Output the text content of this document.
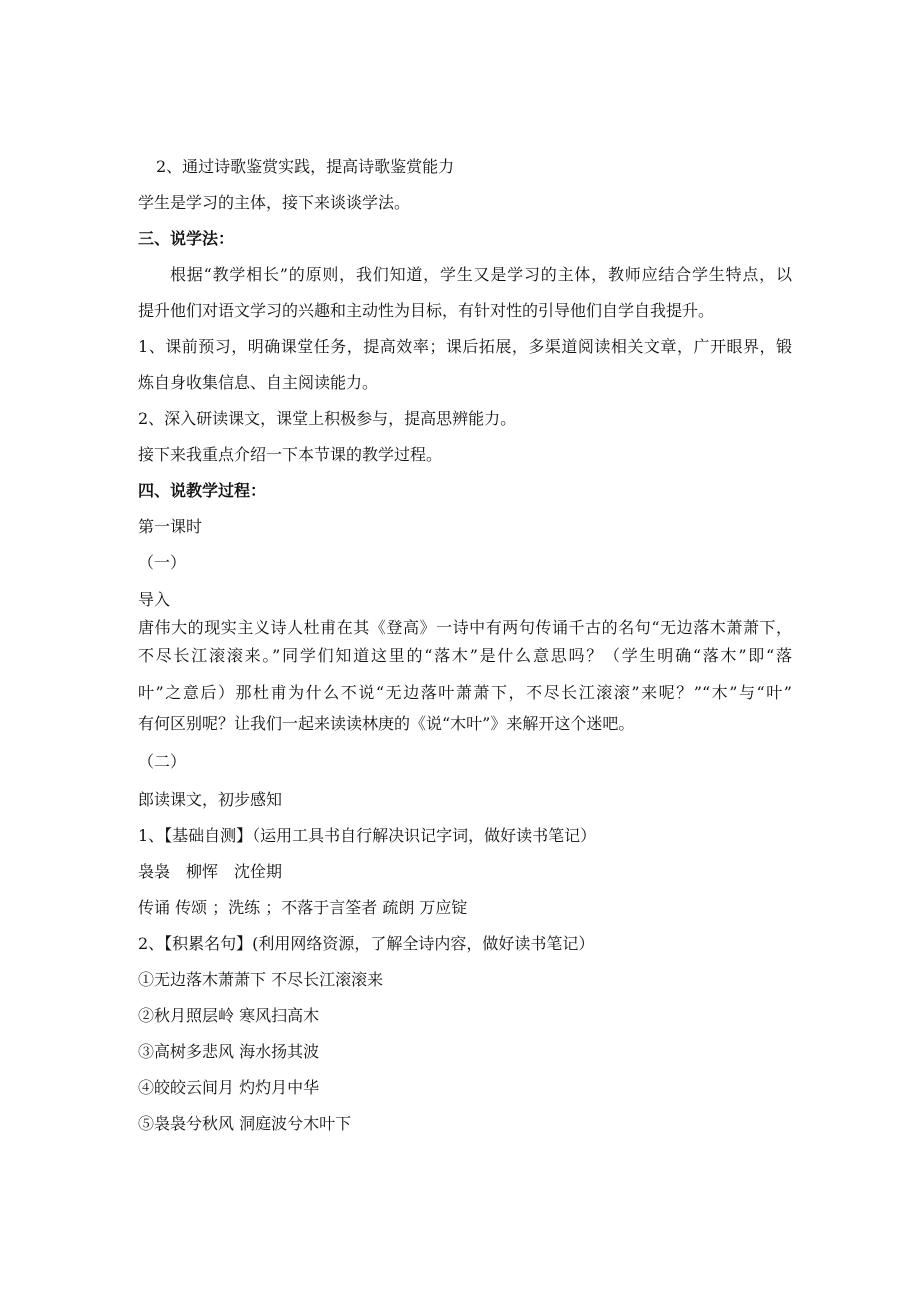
2、通过诗歌鉴赏实践，提高诗歌鉴赏能力
学生是学习的主体，接下来谈谈学法。
三、说学法：
根据“教学相长”的原则，我们知道，学生又是学习的主体，教师应结合学生特点，以
提升他们对语文学习的兴趣和主动性为目标，有针对性的引导他们自学自我提升。
1、课前预习，明确课堂任务，提高效率；课后拓展，多渠道阅读相关文章，广开眼界，锻
炼自身收集信息、自主阅读能力。
2、深入研读课文，课堂上积极参与，提高思辨能力。
接下来我重点介绍一下本节课的教学过程。
四、说教学过程：
第一课时
（一）
导入
唐伟大的现实主义诗人杜甫在其《登高》一诗中有两句传诵千古的名句“无边落木萧萧下，
不尽长江滚滚来。”同学们知道这里的“落木”是什么意思吗？（学生明确“落木”即“落
叶”之意后）那杜甫为什么不说“无边落叶萧萧下，不尽长江滚滚”来呢？”“木”与“叶”
有何区别呢？让我们一起来读读林庚的《说“木叶”》来解开这个迷吧。
（二）
郎读课文，初步感知
1、【基础自测】（运用工具书自行解决识记字词，做好读书笔记）
袅袅　柳恽　沈佺期
传诵 传颂 ；洗练 ；不落于言筌者 疏朗 万应锭
2、【积累名句】(利用网络资源，了解全诗内容，做好读书笔记）
①无边落木萧萧下 不尽长江滚滚来
②秋月照层岭 寒风扫高木
③高树多悲风 海水扬其波
④皎皎云间月 灼灼月中华
⑤袅袅兮秋风 洞庭波兮木叶下
